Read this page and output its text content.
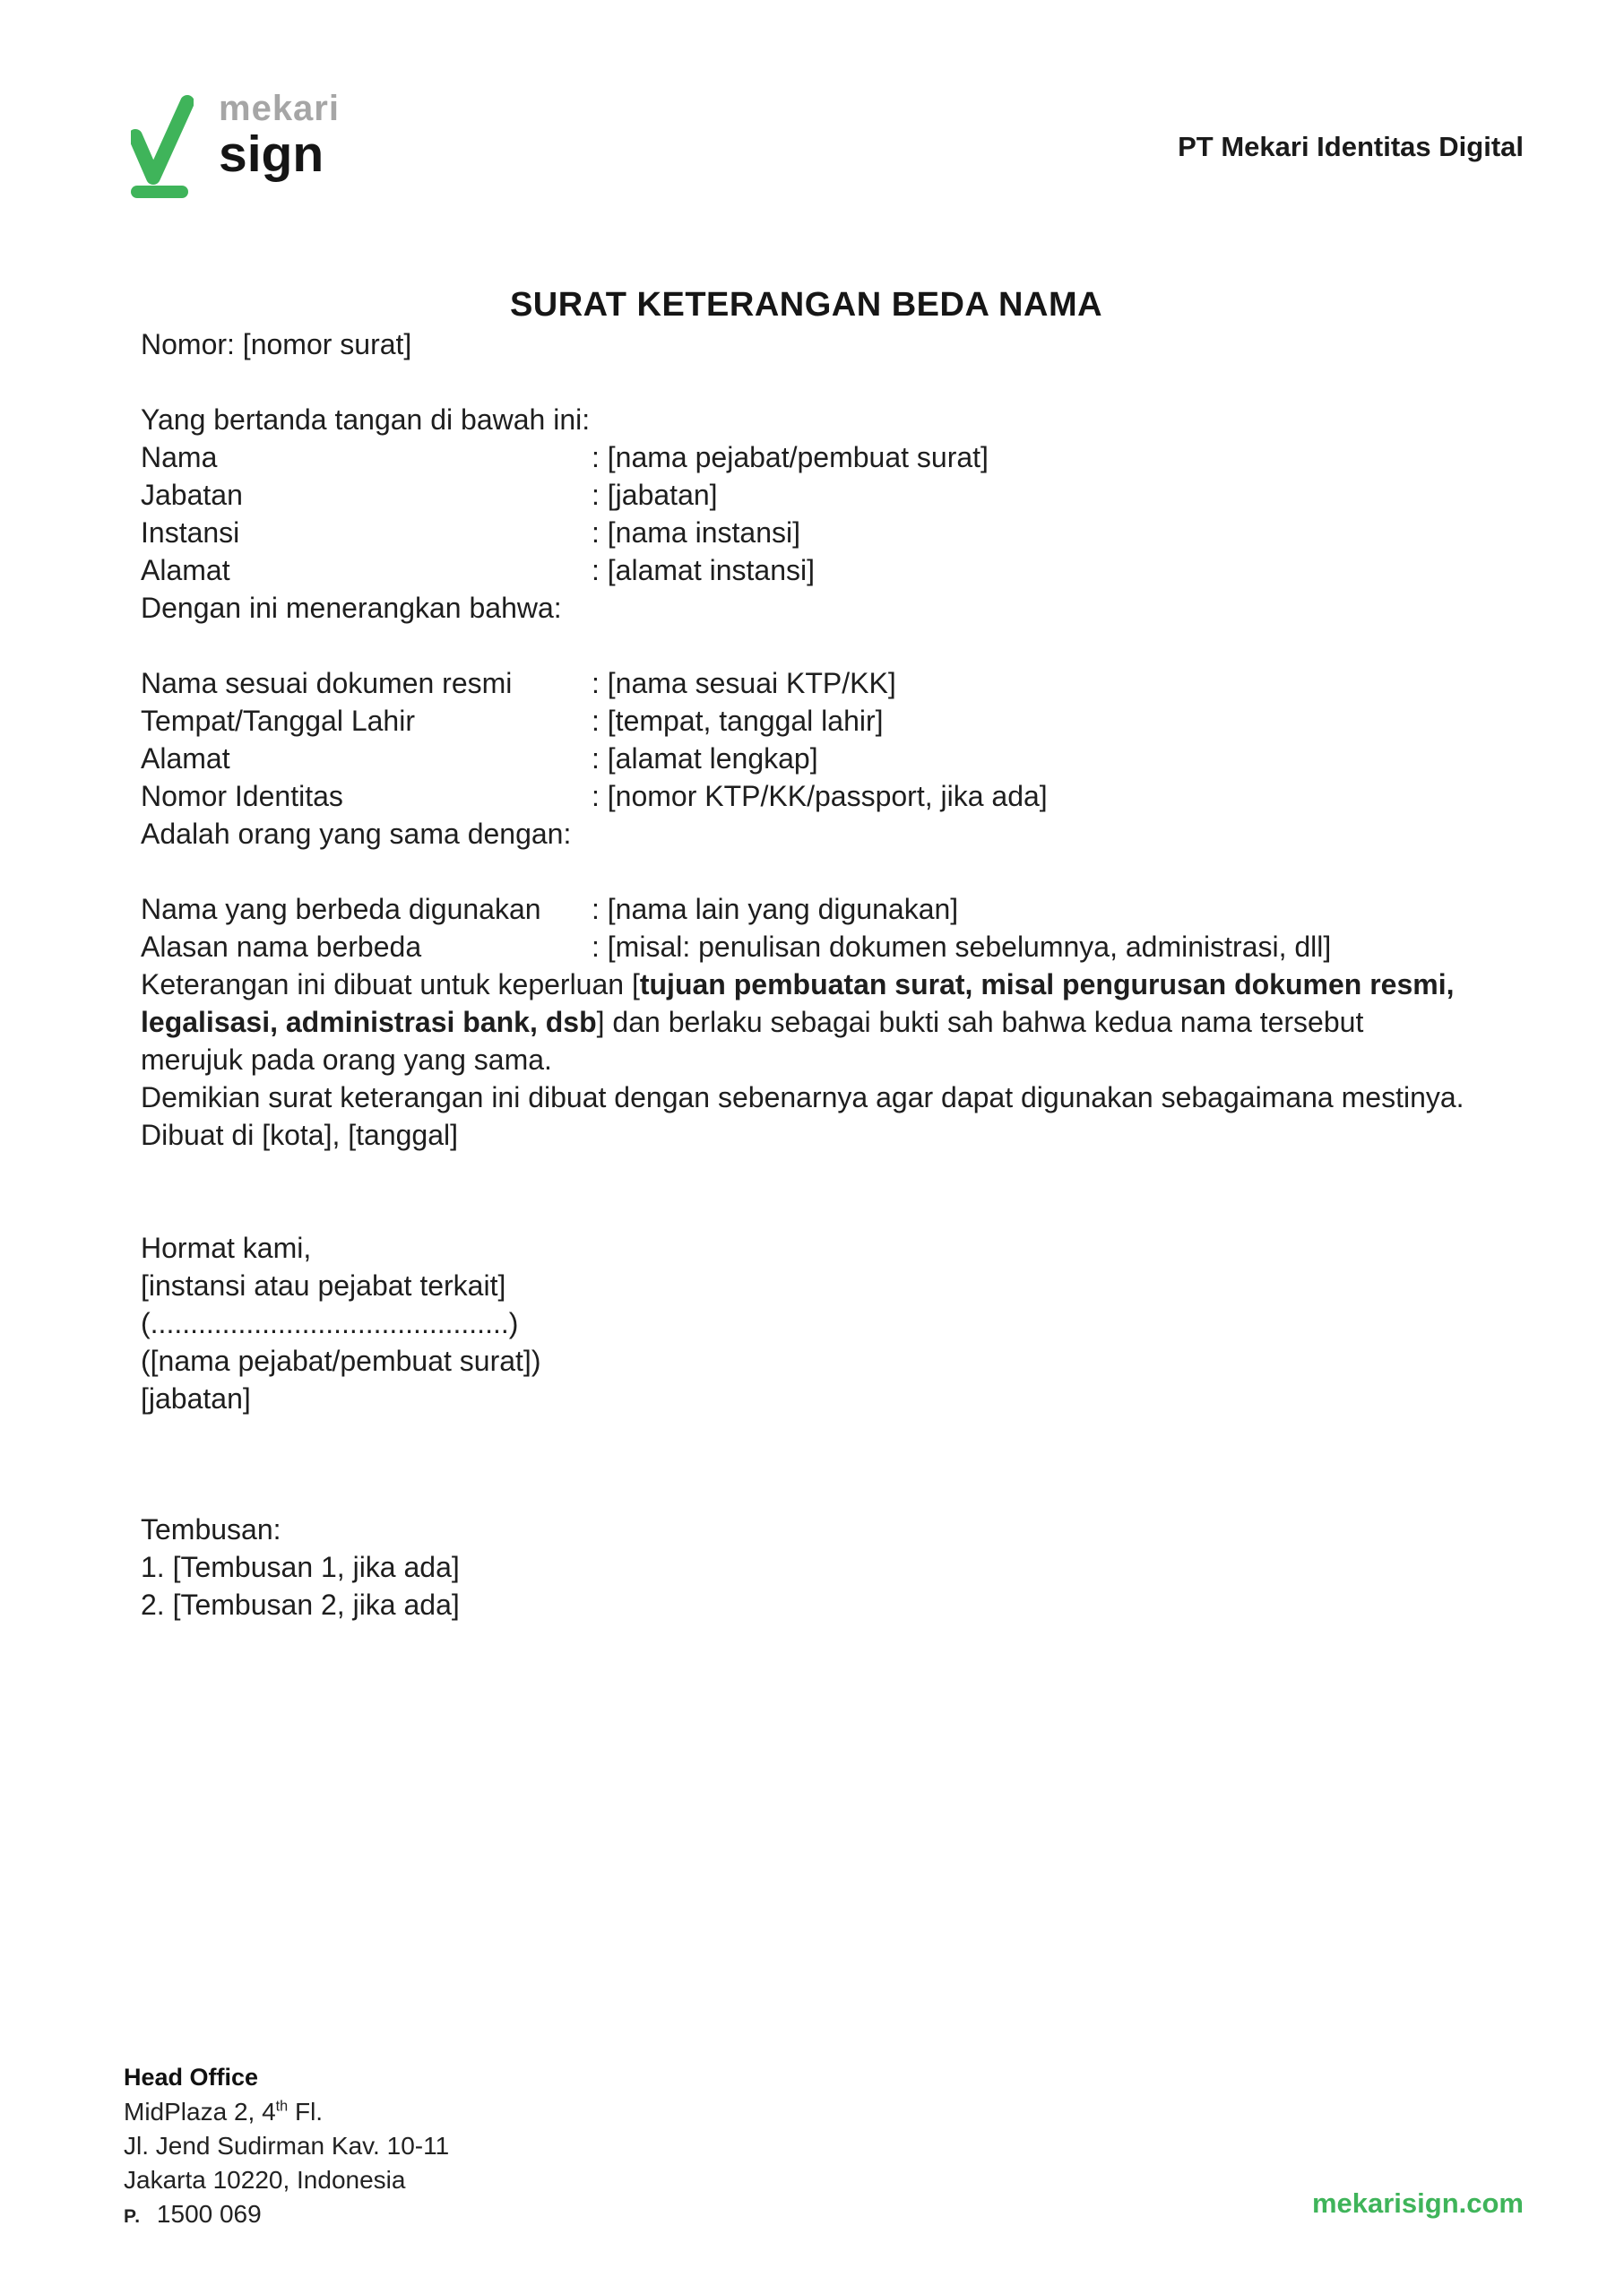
mekari
sign	PT Mekari Identitas Digital
SURAT KETERANGAN BEDA NAMA

Nomor: [nomor surat]

Yang bertanda tangan di bawah ini:

Nama	: [nama pejabat/pembuat surat]
Jabatan	: [jabatan]
Instansi	: [nama instansi]
Alamat	: [alamat instansi]

Dengan ini menerangkan bahwa:

Nama sesuai dokumen resmi	: [nama sesuai KTP/KK]
Tempat/Tanggal Lahir	: [tempat, tanggal lahir]
Alamat	: [alamat lengkap]
Nomor Identitas	: [nomor KTP/KK/passport, jika ada]

Adalah orang yang sama dengan:

Nama yang berbeda digunakan	: [nama lain yang digunakan]
Alasan nama berbeda	: [misal: penulisan dokumen sebelumnya, administrasi, dll]

Keterangan ini dibuat untuk keperluan [tujuan pembuatan surat, misal pengurusan dokumen resmi, legalisasi, administrasi bank, dsb] dan berlaku sebagai bukti sah bahwa kedua nama tersebut merujuk pada orang yang sama.

Demikian surat keterangan ini dibuat dengan sebenarnya agar dapat digunakan sebagaimana mestinya.

Dibuat di [kota], [tanggal]

Hormat kami,

[instansi atau pejabat terkait]

(.............................................)

([nama pejabat/pembuat surat])

[jabatan]

Tembusan:

1. [Tembusan 1, jika ada]

2. [Tembusan 2, jika ada]

Head Office

MidPlaza 2, 4th Fl.

Jl. Jend Sudirman Kav. 10-11

Jakarta 10220, Indonesia

P. 1500 069	mekarisign.com
